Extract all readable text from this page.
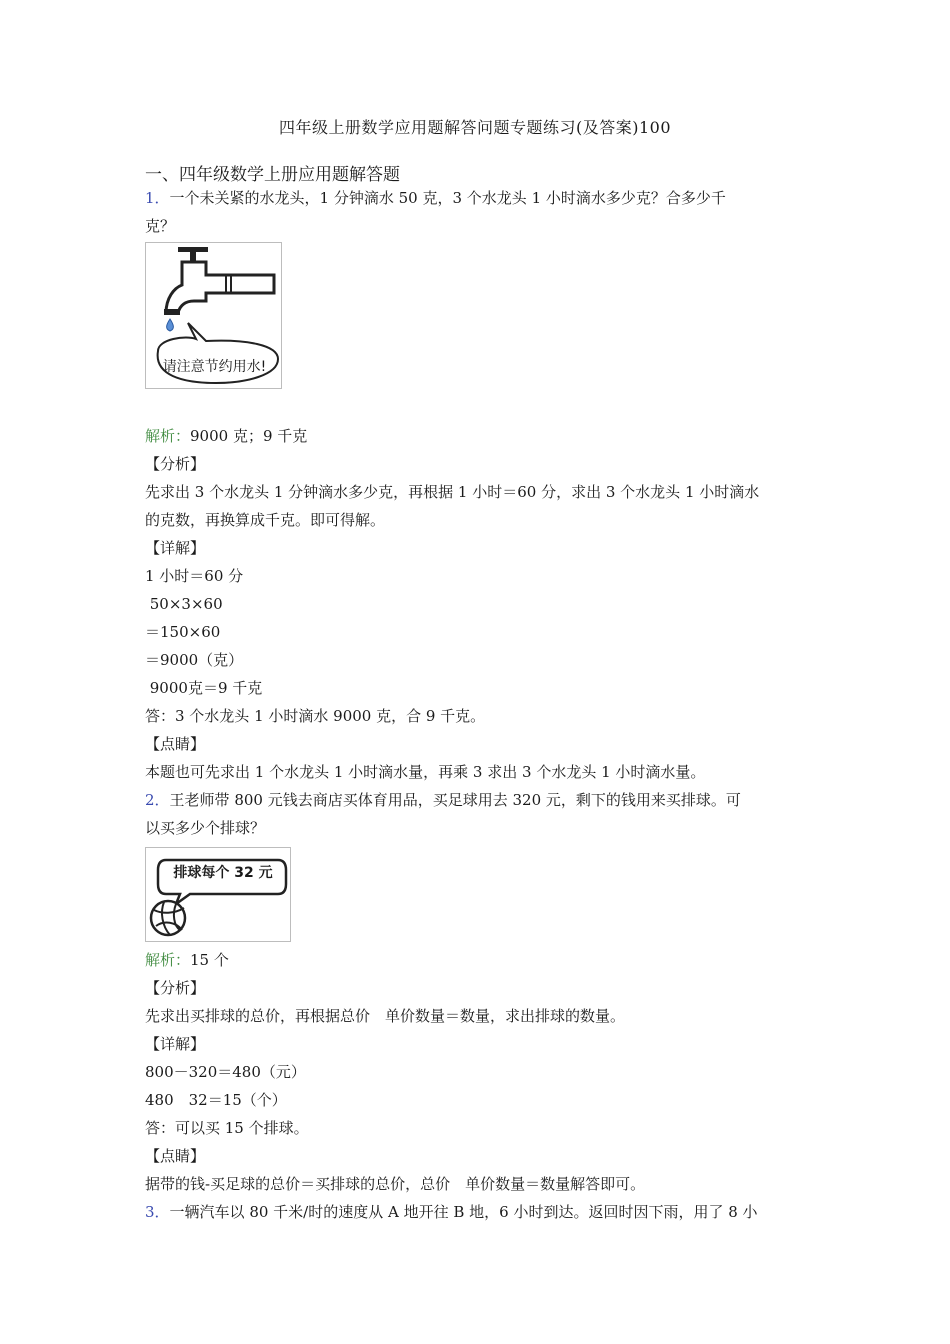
四年级上册数学应用题解答问题专题练习(及答案)100
一、四年级数学上册应用题解答题
1．一个未关紧的水龙头，1 分钟滴水 50 克，3 个水龙头 1 小时滴水多少克？合多少千
克？
请注意节约用水!
解析：9000 克；9 千克
【分析】
先求出 3 个水龙头 1 分钟滴水多少克，再根据 1 小时＝60 分，求出 3 个水龙头 1 小时滴水
的克数，再换算成千克。即可得解。
【详解】
1 小时＝60 分
50×3×60
＝150×60
＝9000（克）
9000克＝9 千克
答：3 个水龙头 1 小时滴水 9000 克，合 9 千克。
【点睛】
本题也可先求出 1 个水龙头 1 小时滴水量，再乘 3 求出 3 个水龙头 1 小时滴水量。
2．王老师带 800 元钱去商店买体育用品，买足球用去 320 元，剩下的钱用来买排球。可
以买多少个排球？
排球每个 32 元
解析：15 个
【分析】
先求出买排球的总价，再根据总价　单价数量＝数量，求出排球的数量。
【详解】
800－320＝480（元）
480　32＝15（个）
答：可以买 15 个排球。
【点睛】
据带的钱-买足球的总价＝买排球的总价，总价　单价数量＝数量解答即可。
3．一辆汽车以 80 千米/时的速度从 A 地开往 B 地，6 小时到达。返回时因下雨，用了 8 小
